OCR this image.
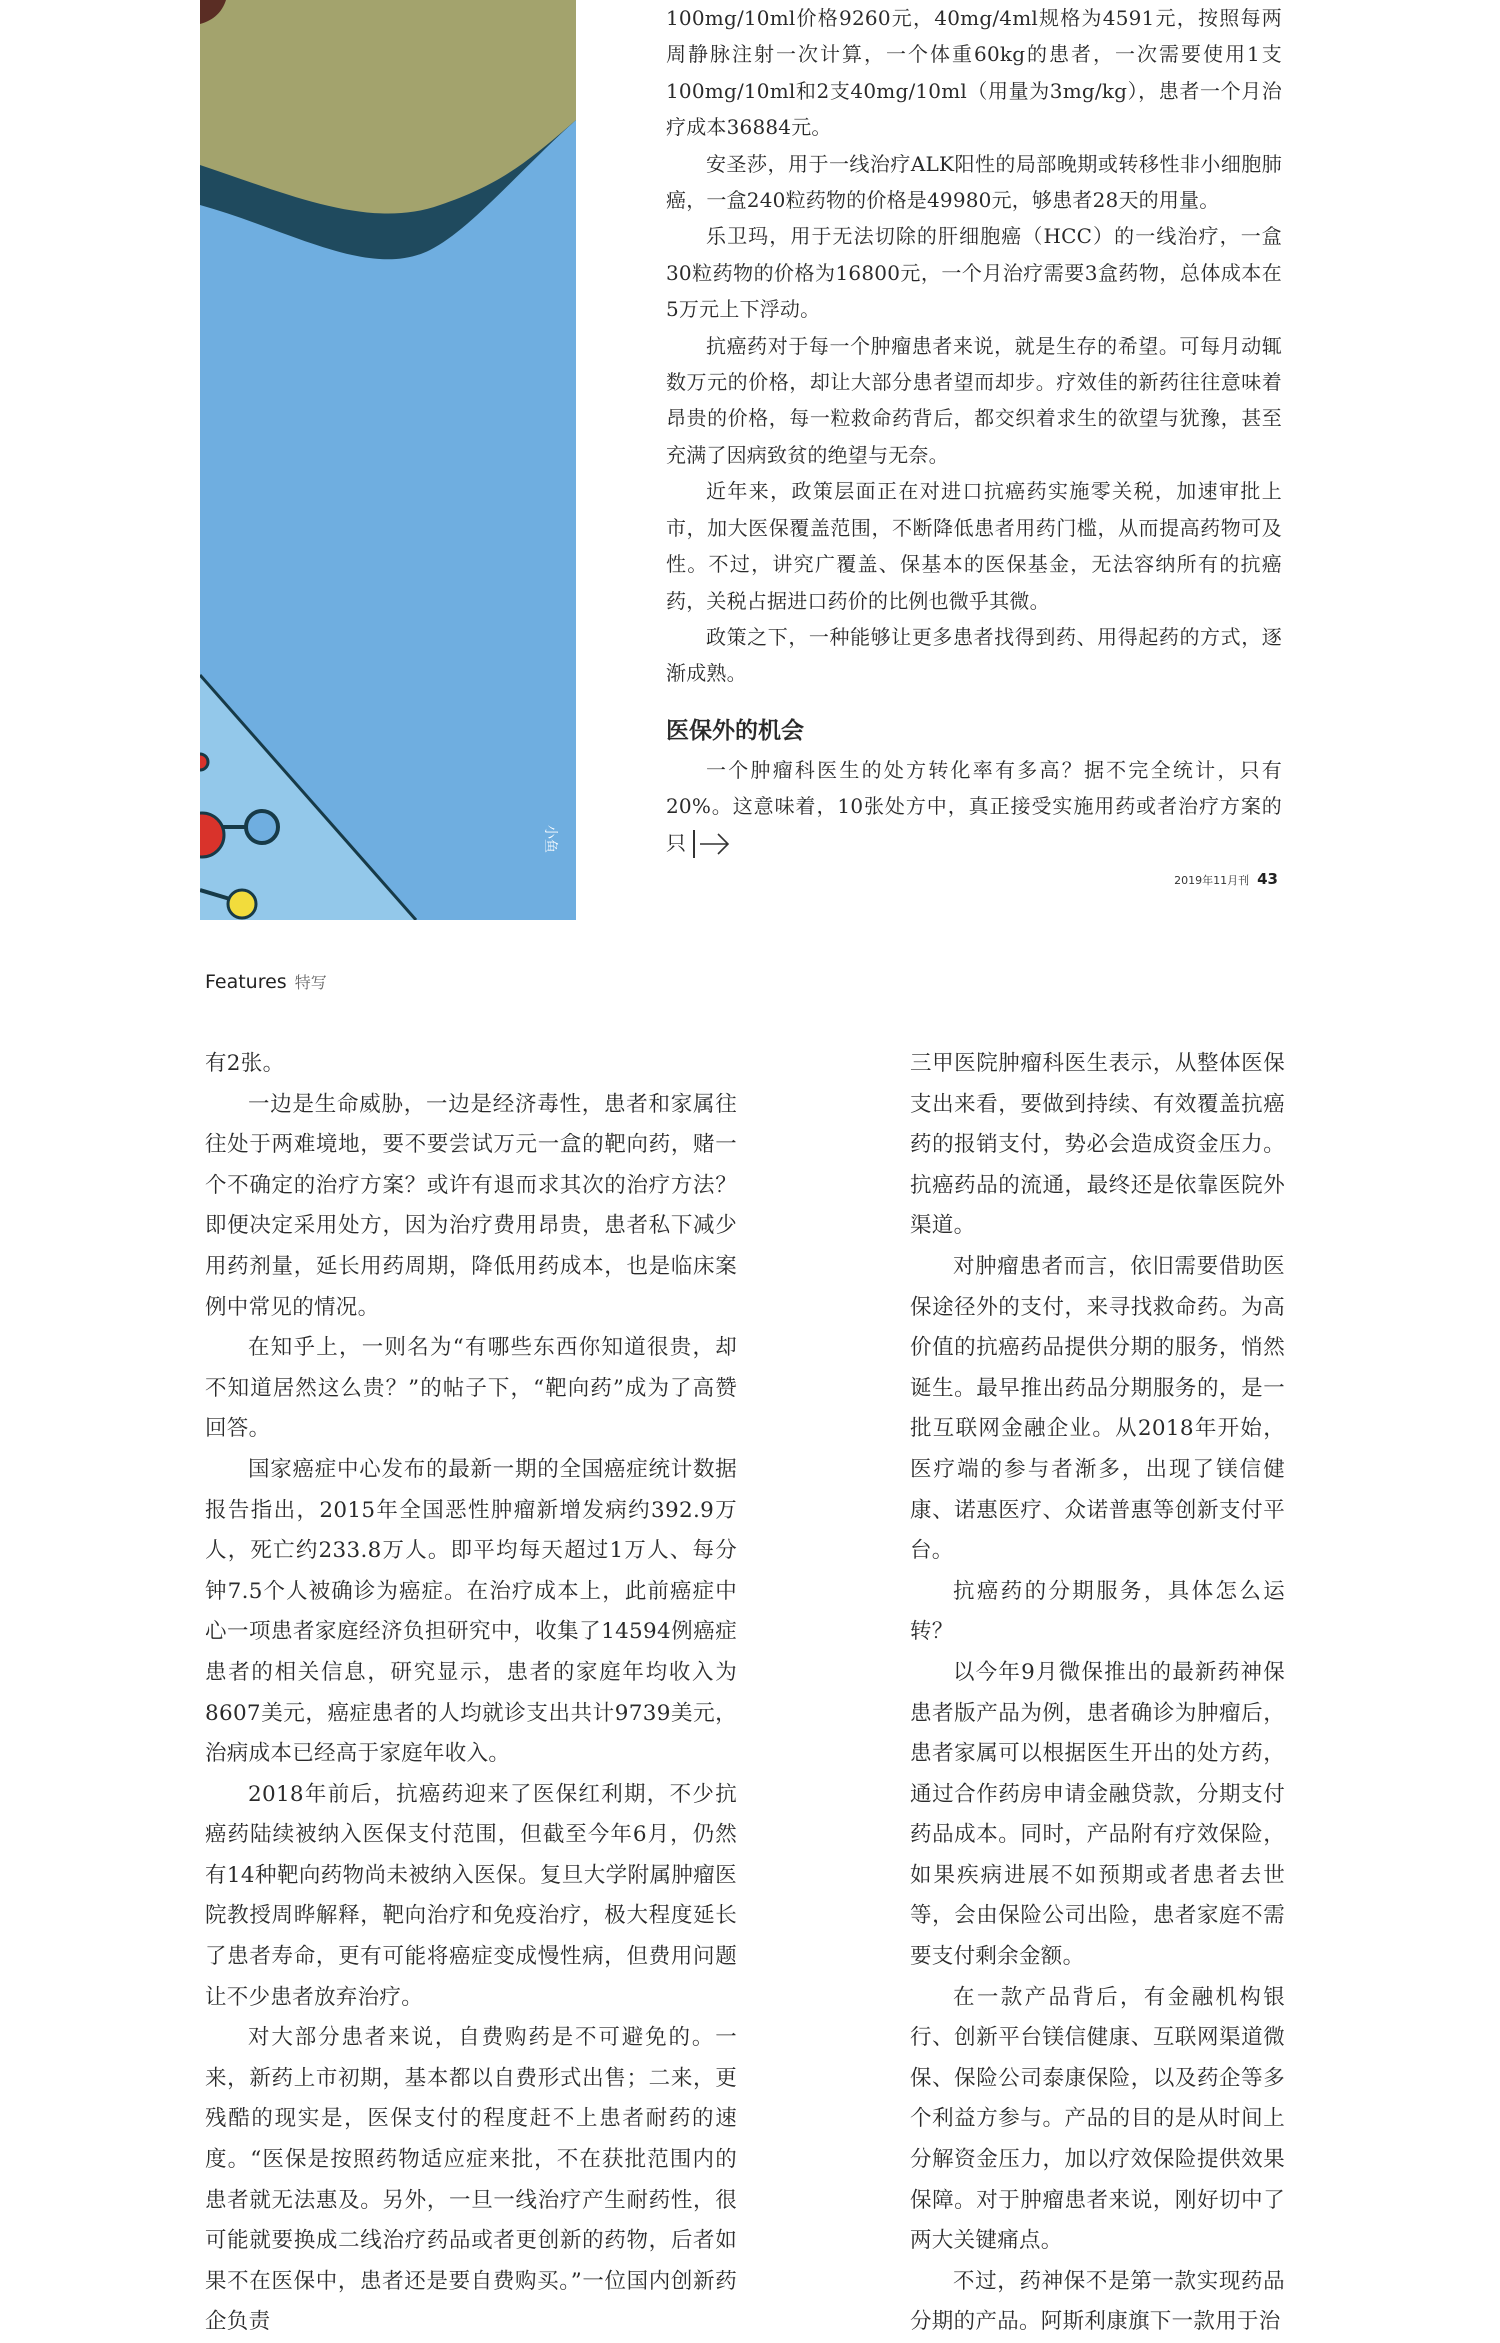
小鱼

100mg/10ml价格9260元，40mg/4ml规格为4591元，按照每两周静脉注射一次计算，一个体重60kg的患者，一次需要使用1支100mg/10ml和2支40mg/10ml（用量为3mg/kg），患者一个月治疗成本36884元。

安圣莎，用于一线治疗ALK阳性的局部晚期或转移性非小细胞肺癌，一盒240粒药物的价格是49980元，够患者28天的用量。

乐卫玛，用于无法切除的肝细胞癌（HCC）的一线治疗，一盒30粒药物的价格为16800元，一个月治疗需要3盒药物，总体成本在5万元上下浮动。

抗癌药对于每一个肿瘤患者来说，就是生存的希望。可每月动辄数万元的价格，却让大部分患者望而却步。疗效佳的新药往往意味着昂贵的价格，每一粒救命药背后，都交织着求生的欲望与犹豫，甚至充满了因病致贫的绝望与无奈。

近年来，政策层面正在对进口抗癌药实施零关税，加速审批上市，加大医保覆盖范围，不断降低患者用药门槛，从而提高药物可及性。不过，讲究广覆盖、保基本的医保基金，无法容纳所有的抗癌药，关税占据进口药价的比例也微乎其微。

政策之下，一种能够让更多患者找得到药、用得起药的方式，逐渐成熟。

医保外的机会

一个肿瘤科医生的处方转化率有多高？据不完全统计，只有20%。这意味着，10张处方中，真正接受实施用药或者治疗方案的只

2019年11月刊 43
Features 特写

有2张。

一边是生命威胁，一边是经济毒性，患者和家属往往处于两难境地，要不要尝试万元一盒的靶向药，赌一个不确定的治疗方案？或许有退而求其次的治疗方法？即便决定采用处方，因为治疗费用昂贵，患者私下减少用药剂量，延长用药周期，降低用药成本，也是临床案例中常见的情况。

在知乎上，一则名为“有哪些东西你知道很贵，却不知道居然这么贵？”的帖子下，“靶向药”成为了高赞回答。

国家癌症中心发布的最新一期的全国癌症统计数据报告指出，2015年全国恶性肿瘤新增发病约392.9万人，死亡约233.8万人。即平均每天超过1万人、每分钟7.5个人被确诊为癌症。在治疗成本上，此前癌症中心一项患者家庭经济负担研究中，收集了14594例癌症患者的相关信息，研究显示，患者的家庭年均收入为8607美元，癌症患者的人均就诊支出共计9739美元，治病成本已经高于家庭年收入。

2018年前后，抗癌药迎来了医保红利期，不少抗癌药陆续被纳入医保支付范围，但截至今年6月，仍然有14种靶向药物尚未被纳入医保。复旦大学附属肿瘤医院教授周晔解释，靶向治疗和免疫治疗，极大程度延长了患者寿命，更有可能将癌症变成慢性病，但费用问题让不少患者放弃治疗。

对大部分患者来说，自费购药是不可避免的。一来，新药上市初期，基本都以自费形式出售；二来，更残酷的现实是，医保支付的程度赶不上患者耐药的速度。“医保是按照药物适应症来批，不在获批范围内的患者就无法惠及。另外，一旦一线治疗产生耐药性，很可能就要换成二线治疗药品或者更创新的药物，后者如果不在医保中，患者还是要自费购买。”一位国内创新药企负责

三甲医院肿瘤科医生表示，从整体医保支出来看，要做到持续、有效覆盖抗癌药的报销支付，势必会造成资金压力。抗癌药品的流通，最终还是依靠医院外渠道。

对肿瘤患者而言，依旧需要借助医保途径外的支付，来寻找救命药。为高价值的抗癌药品提供分期的服务，悄然诞生。最早推出药品分期服务的，是一批互联网金融企业。从2018年开始，医疗端的参与者渐多，出现了镁信健康、诺惠医疗、众诺普惠等创新支付平台。

抗癌药的分期服务，具体怎么运转？

以今年9月微保推出的最新药神保患者版产品为例，患者确诊为肿瘤后，患者家属可以根据医生开出的处方药，通过合作药房申请金融贷款，分期支付药品成本。同时，产品附有疗效保险，如果疾病进展不如预期或者患者去世等，会由保险公司出险，患者家庭不需要支付剩余金额。

在一款产品背后，有金融机构银行、创新平台镁信健康、互联网渠道微保、保险公司泰康保险，以及药企等多个利益方参与。产品的目的是从时间上分解资金压力，加以疗效保险提供效果保障。对于肿瘤患者来说，刚好切中了两大关键痛点。

不过，药神保不是第一款实现药品分期的产品。阿斯利康旗下一款用于治
